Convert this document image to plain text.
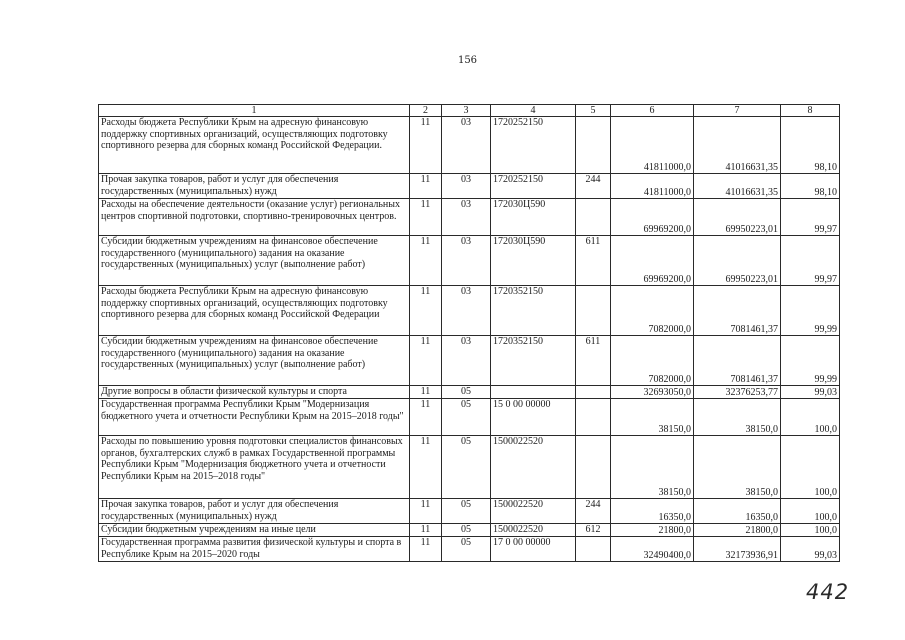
156
1	2	3	4	5	6	7	8
Расходы бюджета Республики Крым на адресную финансовую поддержку спортивных организаций, осуществляющих подготовку спортивного резерва для сборных команд Российской Федерации.	11	03	1720252150		41811000,0	41016631,35	98,10
Прочая закупка товаров, работ и услуг для обеспечения государственных (муниципальных) нужд	11	03	1720252150	244	41811000,0	41016631,35	98,10
Расходы на обеспечение деятельности (оказание услуг) региональных центров спортивной подготовки, спортивно-тренировочных центров.	11	03	172030Ц590		69969200,0	69950223,01	99,97
Субсидии бюджетным учреждениям на финансовое обеспечение государственного (муниципального) задания на оказание государственных (муниципальных) услуг (выполнение работ)	11	03	172030Ц590	611	69969200,0	69950223,01	99,97
Расходы бюджета Республики Крым на адресную финансовую поддержку спортивных организаций, осуществляющих подготовку спортивного резерва для сборных команд Российской Федерации	11	03	1720352150		7082000,0	7081461,37	99,99
Субсидии бюджетным учреждениям на финансовое обеспечение государственного (муниципального) задания на оказание государственных (муниципальных) услуг (выполнение работ)	11	03	1720352150	611	7082000,0	7081461,37	99,99
Другие вопросы в области физической культуры и спорта	11	05			32693050,0	32376253,77	99,03
Государственная программа Республики Крым "Модернизация бюджетного учета и отчетности Республики Крым на 2015–2018 годы"	11	05	15 0 00 00000		38150,0	38150,0	100,0
Расходы по повышению уровня подготовки специалистов финансовых органов, бухгалтерских служб в рамках Государственной программы Республики Крым "Модернизация бюджетного учета и отчетности Республики Крым на 2015–2018 годы"	11	05	1500022520		38150,0	38150,0	100,0
Прочая закупка товаров, работ и услуг для обеспечения государственных (муниципальных) нужд	11	05	1500022520	244	16350,0	16350,0	100,0
Субсидии бюджетным учреждениям на иные цели	11	05	1500022520	612	21800,0	21800,0	100,0
Государственная программа развития физической культуры и спорта в Республике Крым на 2015–2020 годы	11	05	17 0 00 00000		32490400,0	32173936,91	99,03
442
